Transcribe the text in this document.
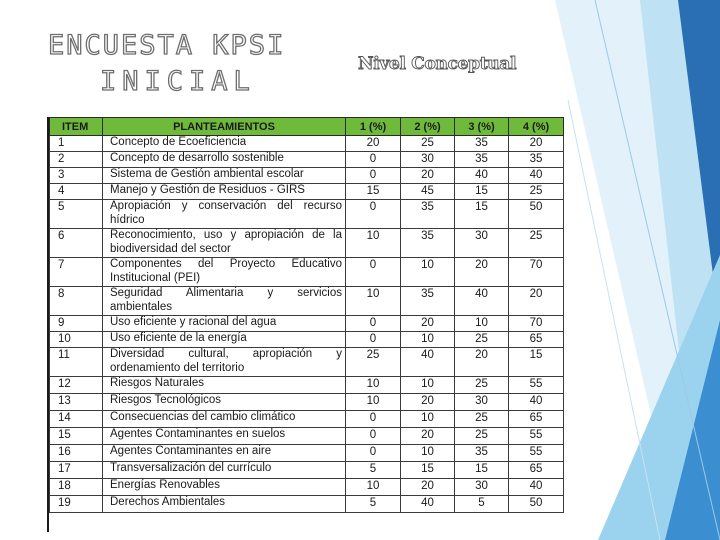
ENCUESTA KPSI
INICIAL
Nivel Conceptual
ITEM	PLANTEAMIENTOS	1 (%)	2 (%)	3 (%)	4 (%)
1	Concepto de Ecoeficiencia	20	25	35	20
2	Concepto de desarrollo sostenible	0	30	35	35
3	Sistema de Gestión ambiental escolar	0	20	40	40
4	Manejo y Gestión de Residuos - GIRS	15	45	15	25
5	Apropiación y conservación del recurso hídrico	0	35	15	50
6	Reconocimiento, uso y apropiación de la biodiversidad del sector	10	35	30	25
7	Componentes del Proyecto Educativo Institucional (PEI)	0	10	20	70
8	Seguridad Alimentaria y servicios ambientales	10	35	40	20
9	Uso eficiente y racional del agua	0	20	10	70
10	Uso eficiente de la energía	0	10	25	65
11	Diversidad cultural, apropiación y ordenamiento del territorio	25	40	20	15
12	Riesgos Naturales	10	10	25	55
13	Riesgos Tecnológicos	10	20	30	40
14	Consecuencias del cambio climático	0	10	25	65
15	Agentes Contaminantes en suelos	0	20	25	55
16	Agentes Contaminantes en aire	0	10	35	55
17	Transversalización del currículo	5	15	15	65
18	Energías Renovables	10	20	30	40
19	Derechos Ambientales	5	40	5	50
